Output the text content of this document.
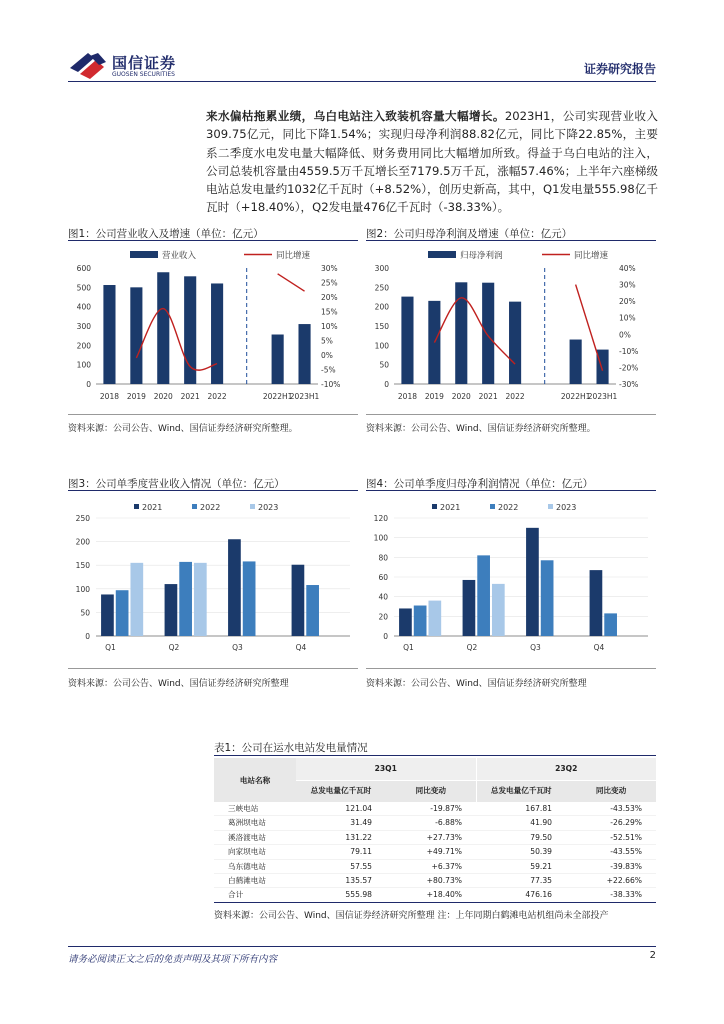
国信证券
GUOSEN SECURITIES	证券研究报告

来水偏枯拖累业绩，乌白电站注入致装机容量大幅增长。2023H1，公司实现营业收入309.75亿元，同比下降1.54%；实现归母净利润88.82亿元，同比下降22.85%，主要系二季度水电发电量大幅降低、财务费用同比大幅增加所致。得益于乌白电站的注入，公司总装机容量由4559.5万千瓦增长至7179.5万千瓦，涨幅57.46%；上半年六座梯级电站总发电量约1032亿千瓦时（+8.52%），创历史新高，其中，Q1发电量555.98亿千瓦时（+18.40%），Q2发电量476亿千瓦时（-38.33%）。

图1：公司营业收入及增速（单位：亿元）
营业收入	同比增速
0
100
200
300
400
500
600
-10%
-5%
0%
5%
10%
15%
20%
25%
30%
2018 2019 2020 2021 2022	2022H1
2023H1
资料来源：公司公告、Wind、国信证券经济研究所整理。
图2：公司归母净利润及增速（单位：亿元）
归母净利润	同比增速
0
50
100
150
200
250
300
-30%
-20%
-10%
0%
10%
20%
30%
40%
2018 2019 2020 2021 2022	2022H1
2023H1
资料来源：公司公告、Wind、国信证券经济研究所整理。
图3：公司单季度营业收入情况（单位：亿元）
2021	2022	2023
0
50
100
150
200
250
Q1	Q2	Q3	Q4
资料来源：公司公告、Wind、国信证券经济研究所整理
图4：公司单季度归母净利润情况（单位：亿元）
2021	2022	2023
0
20
40
60
80
100
120
Q1	Q2	Q3	Q4
资料来源：公司公告、Wind、国信证券经济研究所整理
表1：公司在运水电站发电量情况
电站名称	23Q1		23Q2	
	总发电量亿千瓦时	同比变动	总发电量亿千瓦时	同比变动
三峡电站	121.04	-19.87%	167.81	-43.53%
葛洲坝电站	31.49	-6.88%	41.90	-26.29%
溪洛渡电站	131.22	+27.73%	79.50	-52.51%
向家坝电站	79.11	+49.71%	50.39	-43.55%
乌东德电站	57.55	+6.37%	59.21	-39.83%
白鹤滩电站	135.57	+80.73%	77.35	+22.66%
合计	555.98	+18.40%	476.16	-38.33%
资料来源：公司公告、Wind、国信证券经济研究所整理 注：上年同期白鹤滩电站机组尚未全部投产
请务必阅读正文之后的免责声明及其项下所有内容	2
